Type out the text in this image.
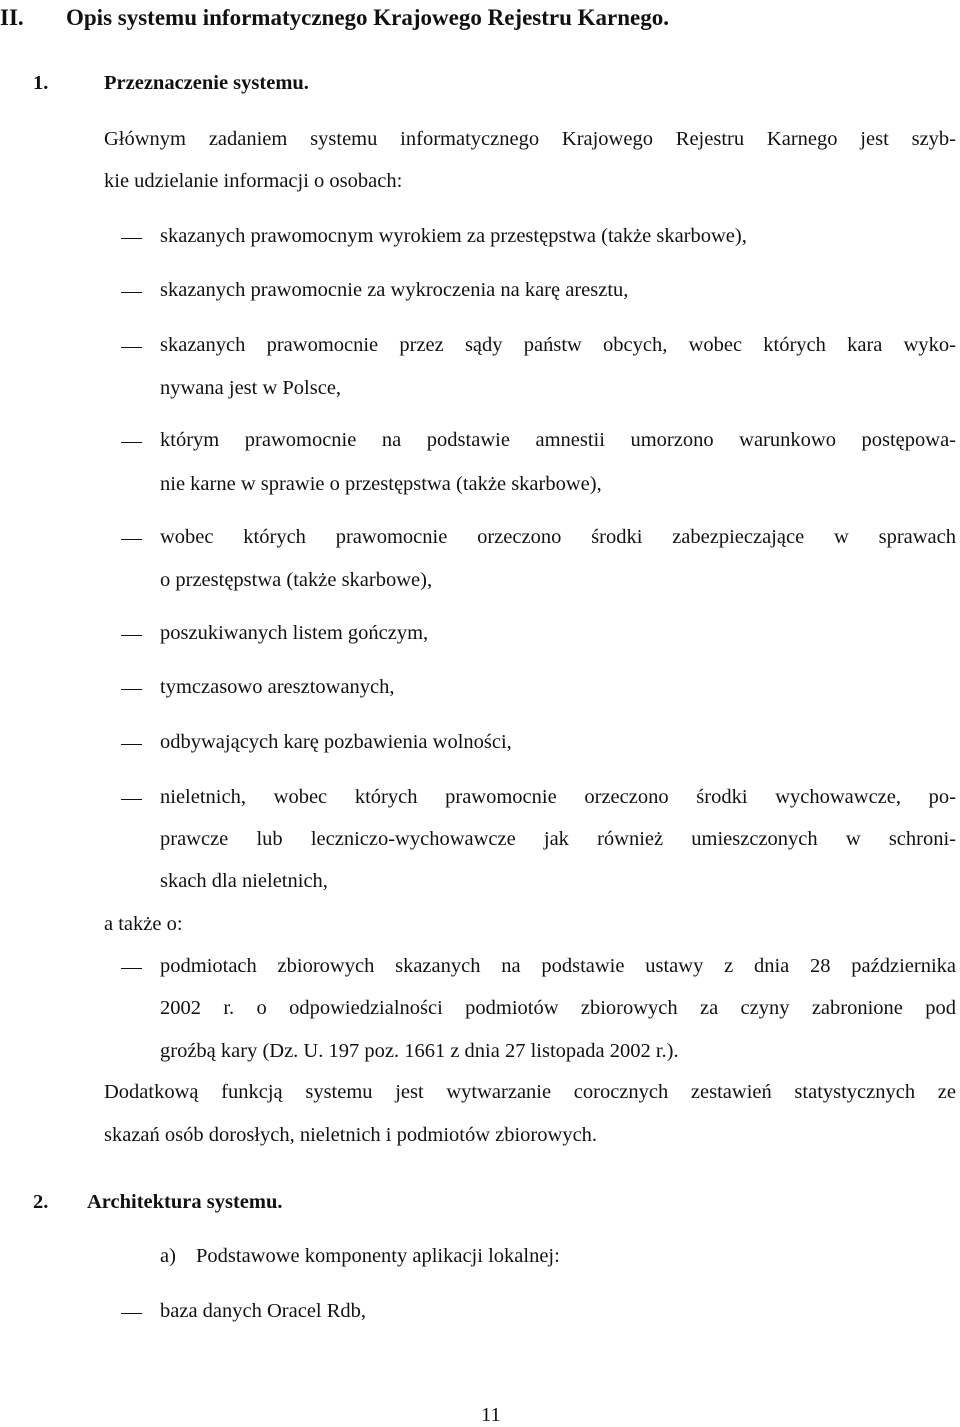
II. Opis systemu informatycznego Krajowego Rejestru Karnego.
1.	Przeznaczenie systemu.
Głównym zadaniem systemu informatycznego Krajowego Rejestru Karnego jest szyb-
kie udzielanie informacji o osobach:
skazanych prawomocnym wyrokiem za przestępstwa (także skarbowe),
skazanych prawomocnie za wykroczenia na karę aresztu,
skazanych prawomocnie przez sądy państw obcych, wobec których kara wyko-
nywana jest w Polsce,
którym prawomocnie na podstawie amnestii umorzono warunkowo postępowa-
nie karne w sprawie o przestępstwa (także skarbowe),
wobec których prawomocnie orzeczono środki zabezpieczające w sprawach
o przestępstwa (także skarbowe),
poszukiwanych listem gończym,
tymczasowo aresztowanych,
odbywających karę pozbawienia wolności,
nieletnich, wobec których prawomocnie orzeczono środki wychowawcze, po-
prawcze lub leczniczo-wychowawcze jak również umieszczonych w schroni-
skach dla nieletnich,
a także o:
podmiotach zbiorowych skazanych na podstawie ustawy z dnia 28 października
2002 r. o odpowiedzialności podmiotów zbiorowych za czyny zabronione pod
groźbą kary (Dz. U. 197 poz. 1661 z dnia 27 listopada 2002 r.).
Dodatkową funkcją systemu jest wytwarzanie corocznych zestawień statystycznych ze
skazań osób dorosłych, nieletnich i podmiotów zbiorowych.
2. Architektura systemu.
a) Podstawowe komponenty aplikacji lokalnej:
baza danych Oracel Rdb,
11
